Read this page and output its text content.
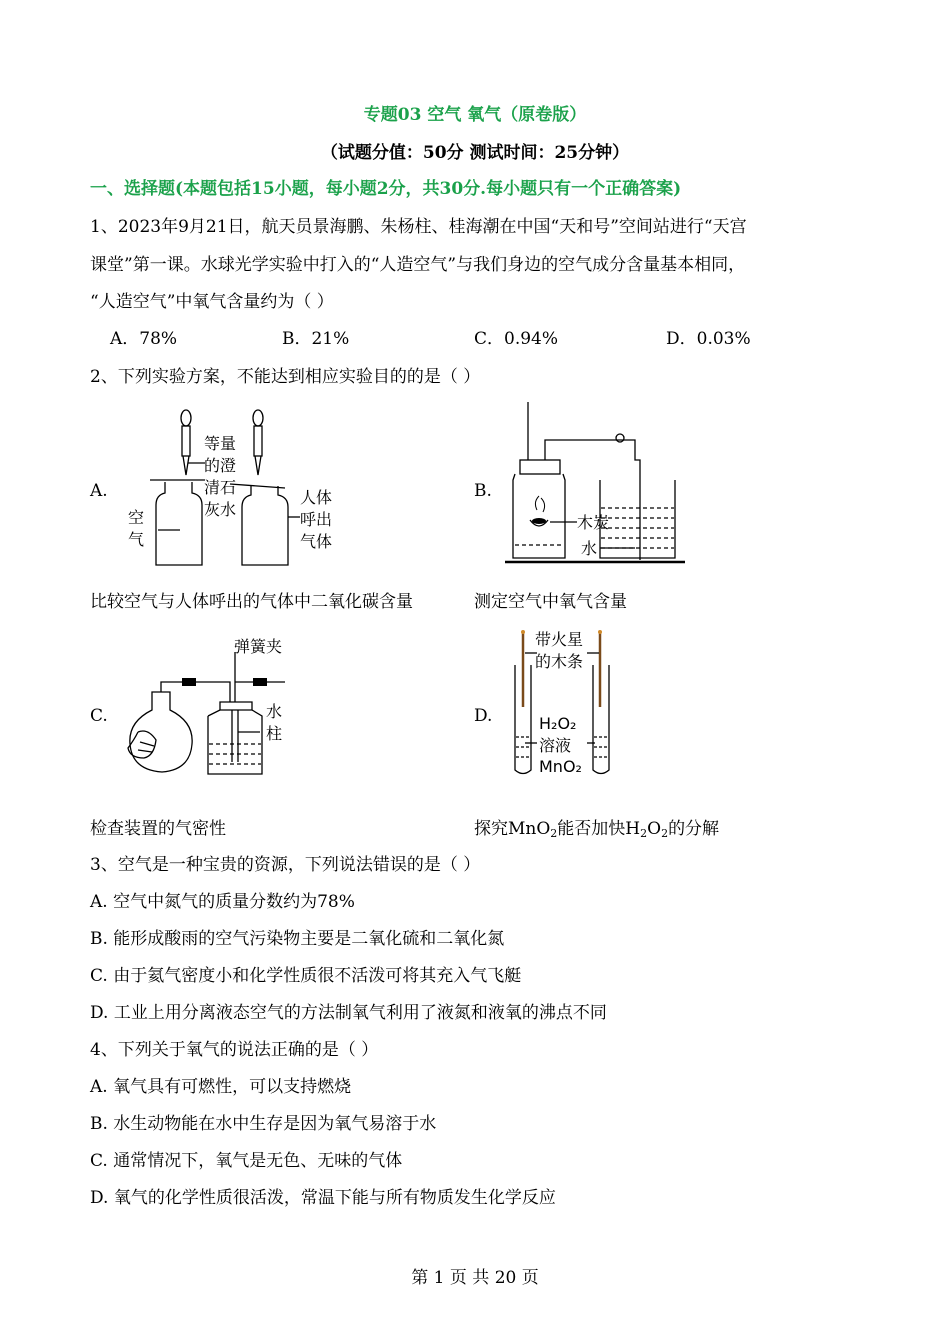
专题03 空气 氧气（原卷版）
（试题分值：50分 测试时间：25分钟）
一、选择题(本题包括15小题，每小题2分，共30分.每小题只有一个正确答案)
1、2023年9月21日，航天员景海鹏、朱杨柱、桂海潮在中国“天和号”空间站进行“天宫
课堂”第一课。水球光学实验中打入的“人造空气”与我们身边的空气成分含量基本相同，
“人造空气”中氧气含量约为（ ）
A．78%	B．21%	C．0.94%	D．0.03%
2、下列实验方案，不能达到相应实验目的的是（ ）
A.	B.
等量
的澄
清石
灰水
空
气
人体
呼出
气体
木炭
水
比较空气与人体呼出的气体中二氧化碳含量	测定空气中氧气含量
C.	D.
弹簧夹
水
柱
带火星
的木条
H₂O₂
溶液
MnO₂
检查装置的气密性	探究MnO$_2$能否加快$H_2O_2$的分解
3、空气是一种宝贵的资源，下列说法错误的是（ ）
A. 空气中氮气的质量分数约为78%
B. 能形成酸雨的空气污染物主要是二氧化硫和二氧化氮
C. 由于氦气密度小和化学性质很不活泼可将其充入气飞艇
D. 工业上用分离液态空气的方法制氧气利用了液氮和液氧的沸点不同
4、下列关于氧气的说法正确的是（ ）
A. 氧气具有可燃性，可以支持燃烧
B. 水生动物能在水中生存是因为氧气易溶于水
C. 通常情况下，氧气是无色、无味的气体
D. 氧气的化学性质很活泼，常温下能与所有物质发生化学反应
第 1 页 共 20 页
